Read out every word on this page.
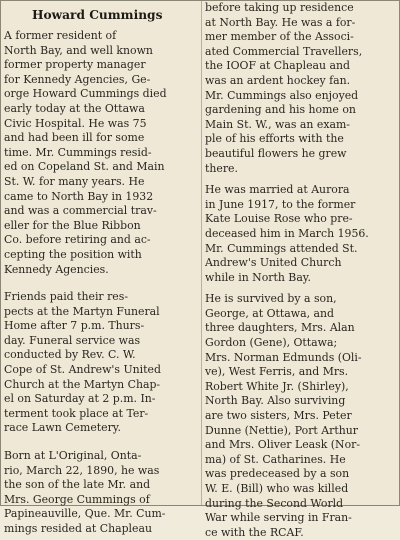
Howard Cummings

A former resident of
North Bay, and well known
former property manager
for Kennedy Agencies, Ge-
orge Howard Cummings died
early today at the Ottawa
Civic Hospital. He was 75
and had been ill for some
time. Mr. Cummings resid-
ed on Copeland St. and Main
St. W. for many years. He
came to North Bay in 1932
and was a commercial trav-
eller for the Blue Ribbon
Co. before retiring and ac-
cepting the position with
Kennedy Agencies.

Friends paid their res-
pects at the Martyn Funeral
Home after 7 p.m. Thurs-
day. Funeral service was
conducted by Rev. C. W.
Cope of St. Andrew's United
Church at the Martyn Chap-
el on Saturday at 2 p.m. In-
terment took place at Ter-
race Lawn Cemetery.

Born at L'Original, Onta-
rio, March 22, 1890, he was
the son of the late Mr. and
Mrs. George Cummings of
Papineauville, Que. Mr. Cum-
mings resided at Chapleau

before taking up residence
at North Bay. He was a for-
mer member of the Associ-
ated Commercial Travellers,
the IOOF at Chapleau and
was an ardent hockey fan.
Mr. Cummings also enjoyed
gardening and his home on
Main St. W., was an exam-
ple of his efforts with the
beautiful flowers he grew
there.

He was married at Aurora
in June 1917, to the former
Kate Louise Rose who pre-
deceased him in March 1956.
Mr. Cummings attended St.
Andrew's United Church
while in North Bay.

He is survived by a son,
George, at Ottawa, and
three daughters, Mrs. Alan
Gordon (Gene), Ottawa;
Mrs. Norman Edmunds (Oli-
ve), West Ferris, and Mrs.
Robert White Jr. (Shirley),
North Bay. Also surviving
are two sisters, Mrs. Peter
Dunne (Nettie), Port Arthur
and Mrs. Oliver Leask (Nor-
ma) of St. Catharines. He
was predeceased by a son
W. E. (Bill) who was killed
during the Second World
War while serving in Fran-
ce with the RCAF.
